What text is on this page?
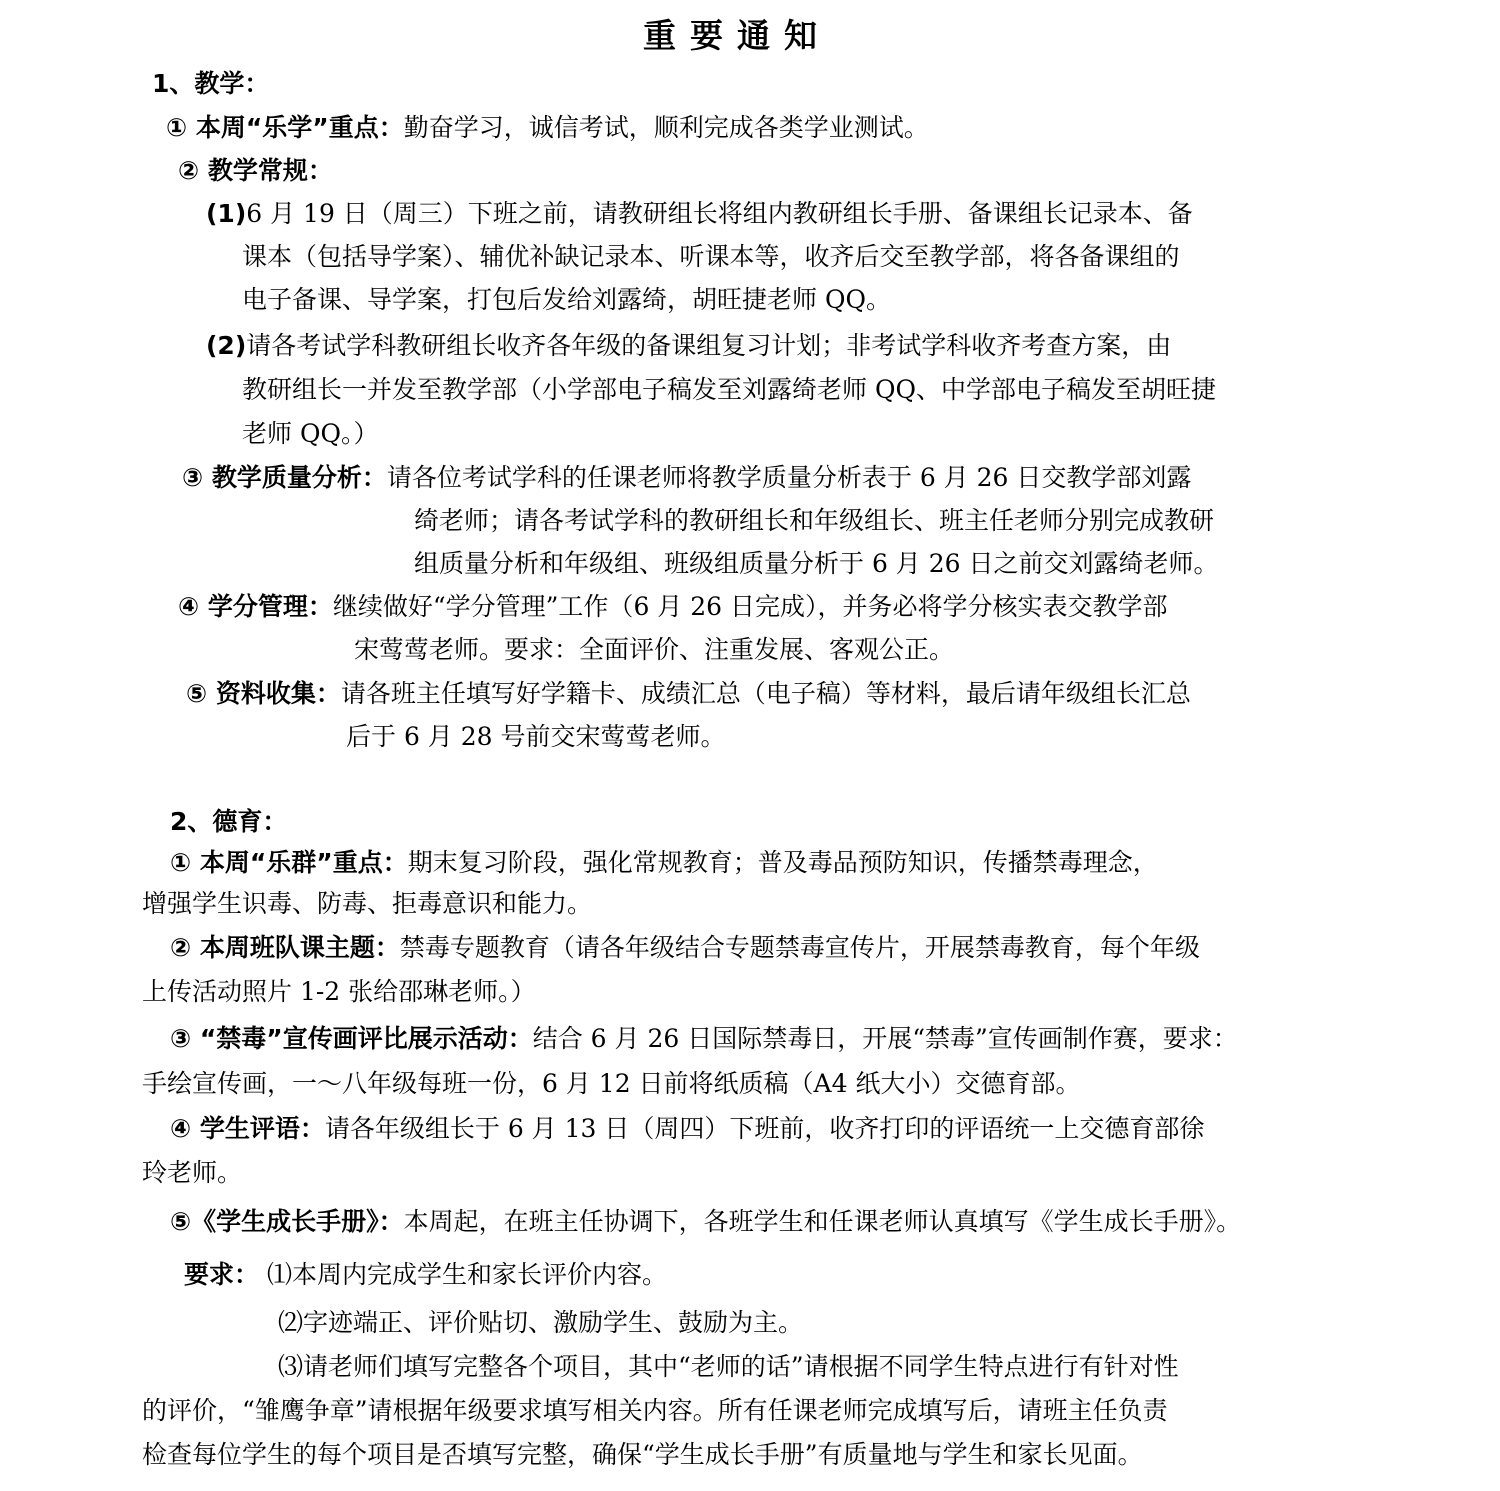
重要通知
1、教学：
① 本周“乐学”重点：勤奋学习，诚信考试，顺利完成各类学业测试。
② 教学常规：
(1)6 月 19 日（周三）下班之前，请教研组长将组内教研组长手册、备课组长记录本、备
课本（包括导学案）、辅优补缺记录本、听课本等，收齐后交至教学部，将各备课组的
电子备课、导学案，打包后发给刘露绮，胡旺捷老师 QQ。
(2)请各考试学科教研组长收齐各年级的备课组复习计划；非考试学科收齐考查方案，由
教研组长一并发至教学部（小学部电子稿发至刘露绮老师 QQ、中学部电子稿发至胡旺捷
老师 QQ。）
③ 教学质量分析：请各位考试学科的任课老师将教学质量分析表于 6 月 26 日交教学部刘露
绮老师；请各考试学科的教研组长和年级组长、班主任老师分别完成教研
组质量分析和年级组、班级组质量分析于 6 月 26 日之前交刘露绮老师。
④ 学分管理：继续做好“学分管理”工作（6 月 26 日完成），并务必将学分核实表交教学部
宋莺莺老师。要求：全面评价、注重发展、客观公正。
⑤ 资料收集：请各班主任填写好学籍卡、成绩汇总（电子稿）等材料，最后请年级组长汇总
后于 6 月 28 号前交宋莺莺老师。
2、德育：
① 本周“乐群”重点：期末复习阶段，强化常规教育；普及毒品预防知识，传播禁毒理念，
增强学生识毒、防毒、拒毒意识和能力。
② 本周班队课主题：禁毒专题教育（请各年级结合专题禁毒宣传片，开展禁毒教育，每个年级
上传活动照片 1-2 张给邵琳老师。）
③ “禁毒”宣传画评比展示活动：结合 6 月 26 日国际禁毒日，开展“禁毒”宣传画制作赛，要求：
手绘宣传画，一～八年级每班一份，6 月 12 日前将纸质稿（A4 纸大小）交德育部。
④ 学生评语：请各年级组长于 6 月 13 日（周四）下班前，收齐打印的评语统一上交德育部徐
玲老师。
⑤《学生成长手册》：本周起，在班主任协调下，各班学生和任课老师认真填写《学生成长手册》。
要求： ⑴本周内完成学生和家长评价内容。
⑵字迹端正、评价贴切、激励学生、鼓励为主。
⑶请老师们填写完整各个项目，其中“老师的话”请根据不同学生特点进行有针对性
的评价，“雏鹰争章”请根据年级要求填写相关内容。所有任课老师完成填写后，请班主任负责
检查每位学生的每个项目是否填写完整，确保“学生成长手册”有质量地与学生和家长见面。
